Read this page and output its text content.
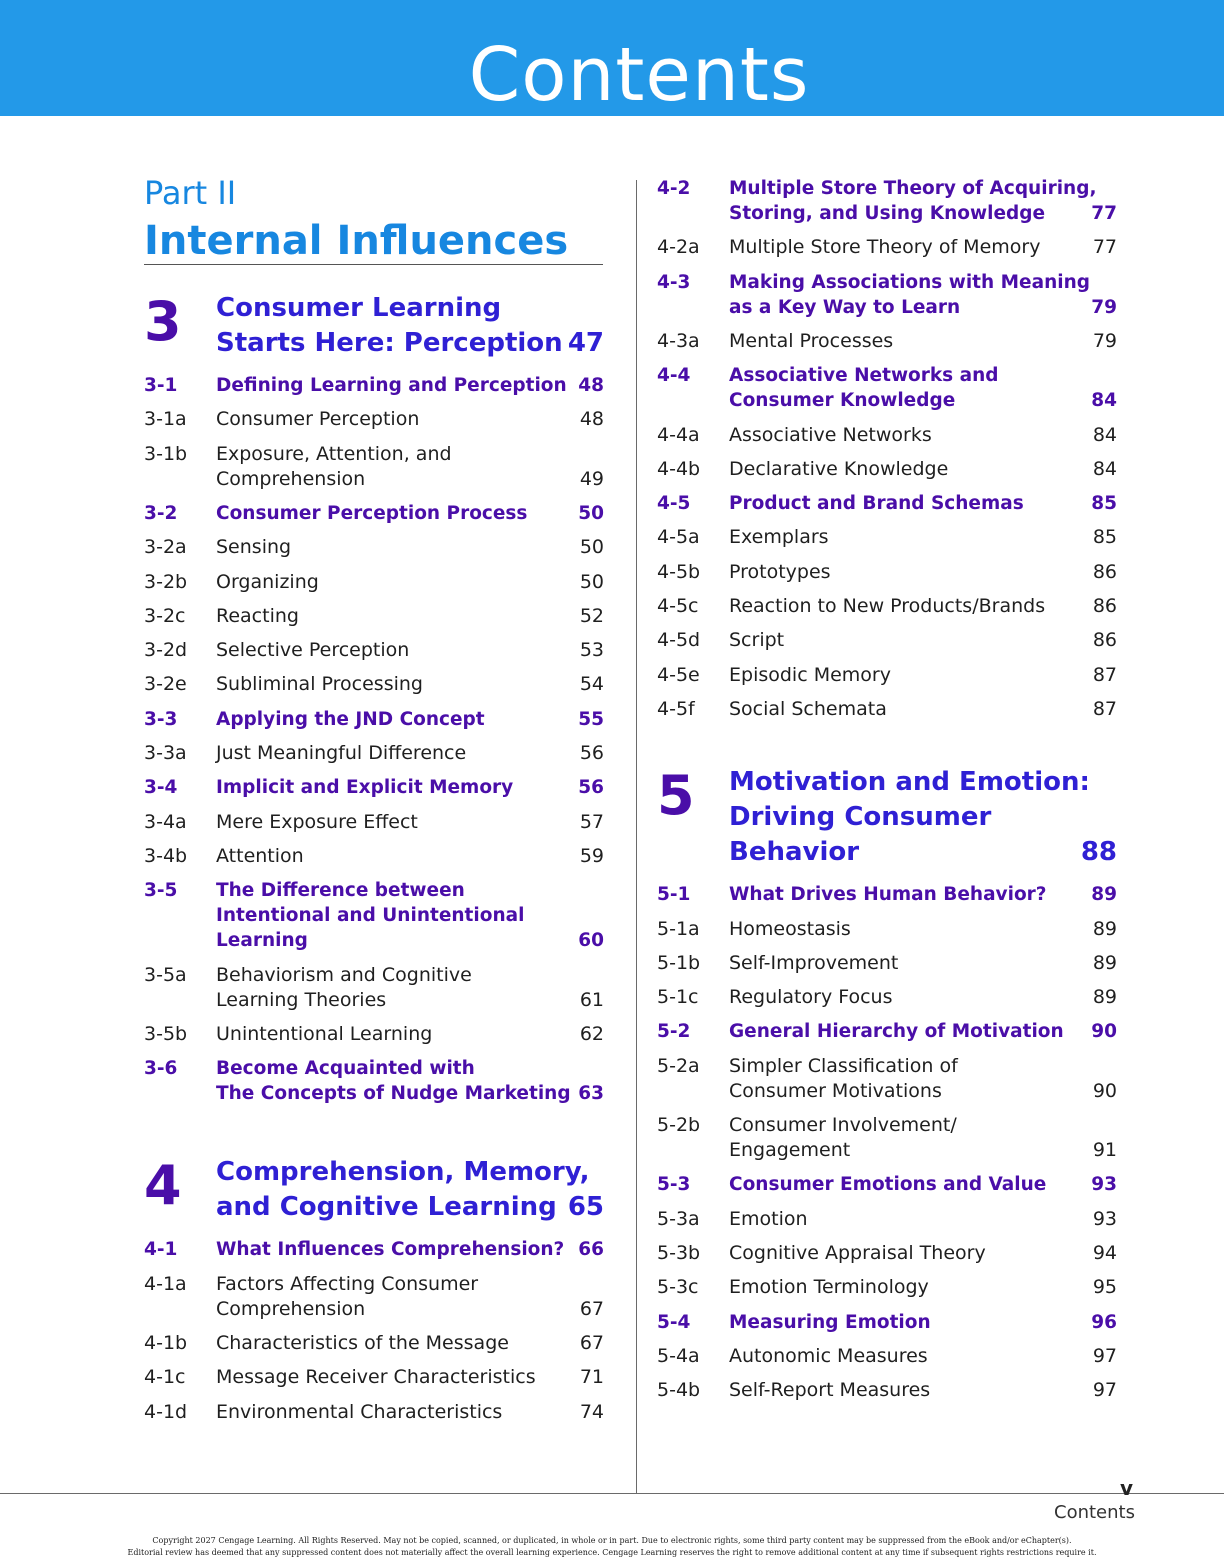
Contents
Part II
Internal Influences
3 Consumer Learning
Starts Here: Perception 47
3-1 Defining Learning and Perception 48
3-1a Consumer Perception	48
3-1b Exposure, Attention, and
Comprehension	49
3-2 Consumer Perception Process	50
3-2a Sensing	50
3-2b Organizing	50
3-2c Reacting	52
3-2d Selective Perception	53
3-2e Subliminal Processing	54
3-3 Applying the JND Concept	55
3-3a Just Meaningful Difference	56
3-4 Implicit and Explicit Memory	56
3-4a Mere Exposure Effect	57
3-4b Attention	59
3-5 The Difference between
Intentional and Unintentional
Learning	60
3-5a Behaviorism and Cognitive
Learning Theories	61
3-5b Unintentional Learning	62
3-6 Become Acquainted with
The Concepts of Nudge Marketing 63
4 Comprehension, Memory,
and Cognitive Learning 65
4-1 What Influences Comprehension? 66
4-1a Factors Affecting Consumer
Comprehension	67
4-1b Characteristics of the Message	67
4-1c Message Receiver Characteristics	71
4-1d Environmental Characteristics	74
4-2 Multiple Store Theory of Acquiring,
Storing, and Using Knowledge	77
4-2a Multiple Store Theory of Memory	77
4-3 Making Associations with Meaning
as a Key Way to Learn	79
4-3a Mental Processes	79
4-4 Associative Networks and
Consumer Knowledge	84
4-4a Associative Networks	84
4-4b Declarative Knowledge	84
4-5 Product and Brand Schemas	85
4-5a Exemplars	85
4-5b Prototypes	86
4-5c Reaction to New Products/Brands	86
4-5d Script	86
4-5e Episodic Memory	87
4-5f Social Schemata	87
5 Motivation and Emotion:
Driving Consumer
Behavior	88
5-1 What Drives Human Behavior?	89
5-1a Homeostasis	89
5-1b Self-Improvement	89
5-1c Regulatory Focus	89
5-2 General Hierarchy of Motivation 90
5-2a Simpler Classification of
Consumer Motivations	90
5-2b Consumer Involvement/
Engagement	91
5-3 Consumer Emotions and Value	93
5-3a Emotion	93
5-3b Cognitive Appraisal Theory	94
5-3c Emotion Terminology	95
5-4 Measuring Emotion	96
5-4a Autonomic Measures	97
5-4b Self-Report Measures	97
v
Contents
Copyright 2027 Cengage Learning. All Rights Reserved. May not be copied, scanned, or duplicated, in whole or in part. Due to electronic rights, some third party content may be suppressed from the eBook and/or eChapter(s).
Editorial review has deemed that any suppressed content does not materially affect the overall learning experience. Cengage Learning reserves the right to remove additional content at any time if subsequent rights restrictions require it.
